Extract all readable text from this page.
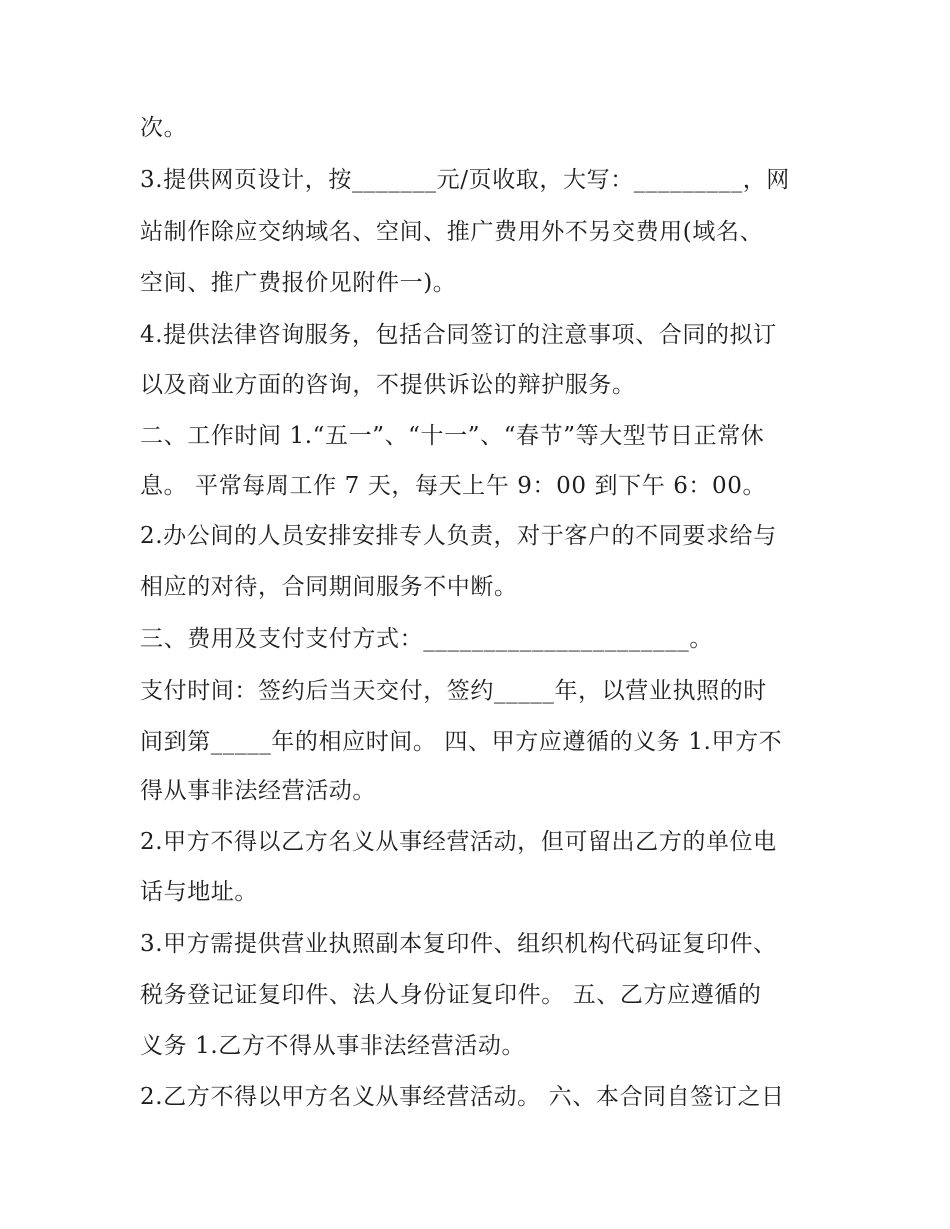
次。
3.提供网页设计，按_______元/页收取，大写：_________，网
站制作除应交纳域名、空间、推广费用外不另交费用(域名、
空间、推广费报价见附件一)。
4.提供法律咨询服务，包括合同签订的注意事项、合同的拟订
以及商业方面的咨询，不提供诉讼的辩护服务。
二、工作时间 1.“五一”、“十一”、“春节”等大型节日正常休
息。 平常每周工作 7 天，每天上午 9：00 到下午 6：00。
2.办公间的人员安排安排专人负责，对于客户的不同要求给与
相应的对待，合同期间服务不中断。
三、费用及支付支付方式：______________________。
支付时间：签约后当天交付，签约_____年，以营业执照的时
间到第_____年的相应时间。 四、甲方应遵循的义务 1.甲方不
得从事非法经营活动。
2.甲方不得以乙方名义从事经营活动，但可留出乙方的单位电
话与地址。
3.甲方需提供营业执照副本复印件、组织机构代码证复印件、
税务登记证复印件、法人身份证复印件。 五、乙方应遵循的
义务 1.乙方不得从事非法经营活动。
2.乙方不得以甲方名义从事经营活动。 六、本合同自签订之日
